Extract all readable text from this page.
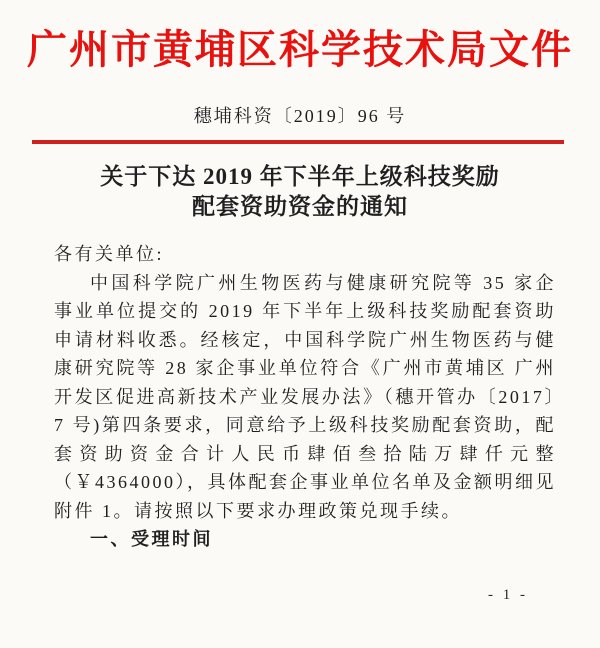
广州市黄埔区科学技术局文件
穗埔科资〔2019〕96 号
关于下达 2019 年下半年上级科技奖励
配套资助资金的通知
各有关单位:
中国科学院广州生物医药与健康研究院等 35 家企事业单位提交的 2019 年下半年上级科技奖励配套资助申请材料收悉。经核定，中国科学院广州生物医药与健康研究院等 28 家企事业单位符合《广州市黄埔区 广州开发区促进高新技术产业发展办法》（穗开管办〔2017〕7 号)第四条要求，同意给予上级科技奖励配套资助，配套资助资金合计人民币肆佰叁拾陆万肆仟元整（￥4364000），具体配套企事业单位名单及金额明细见附件 1。请按照以下要求办理政策兑现手续。
一、受理时间
- 1 -
